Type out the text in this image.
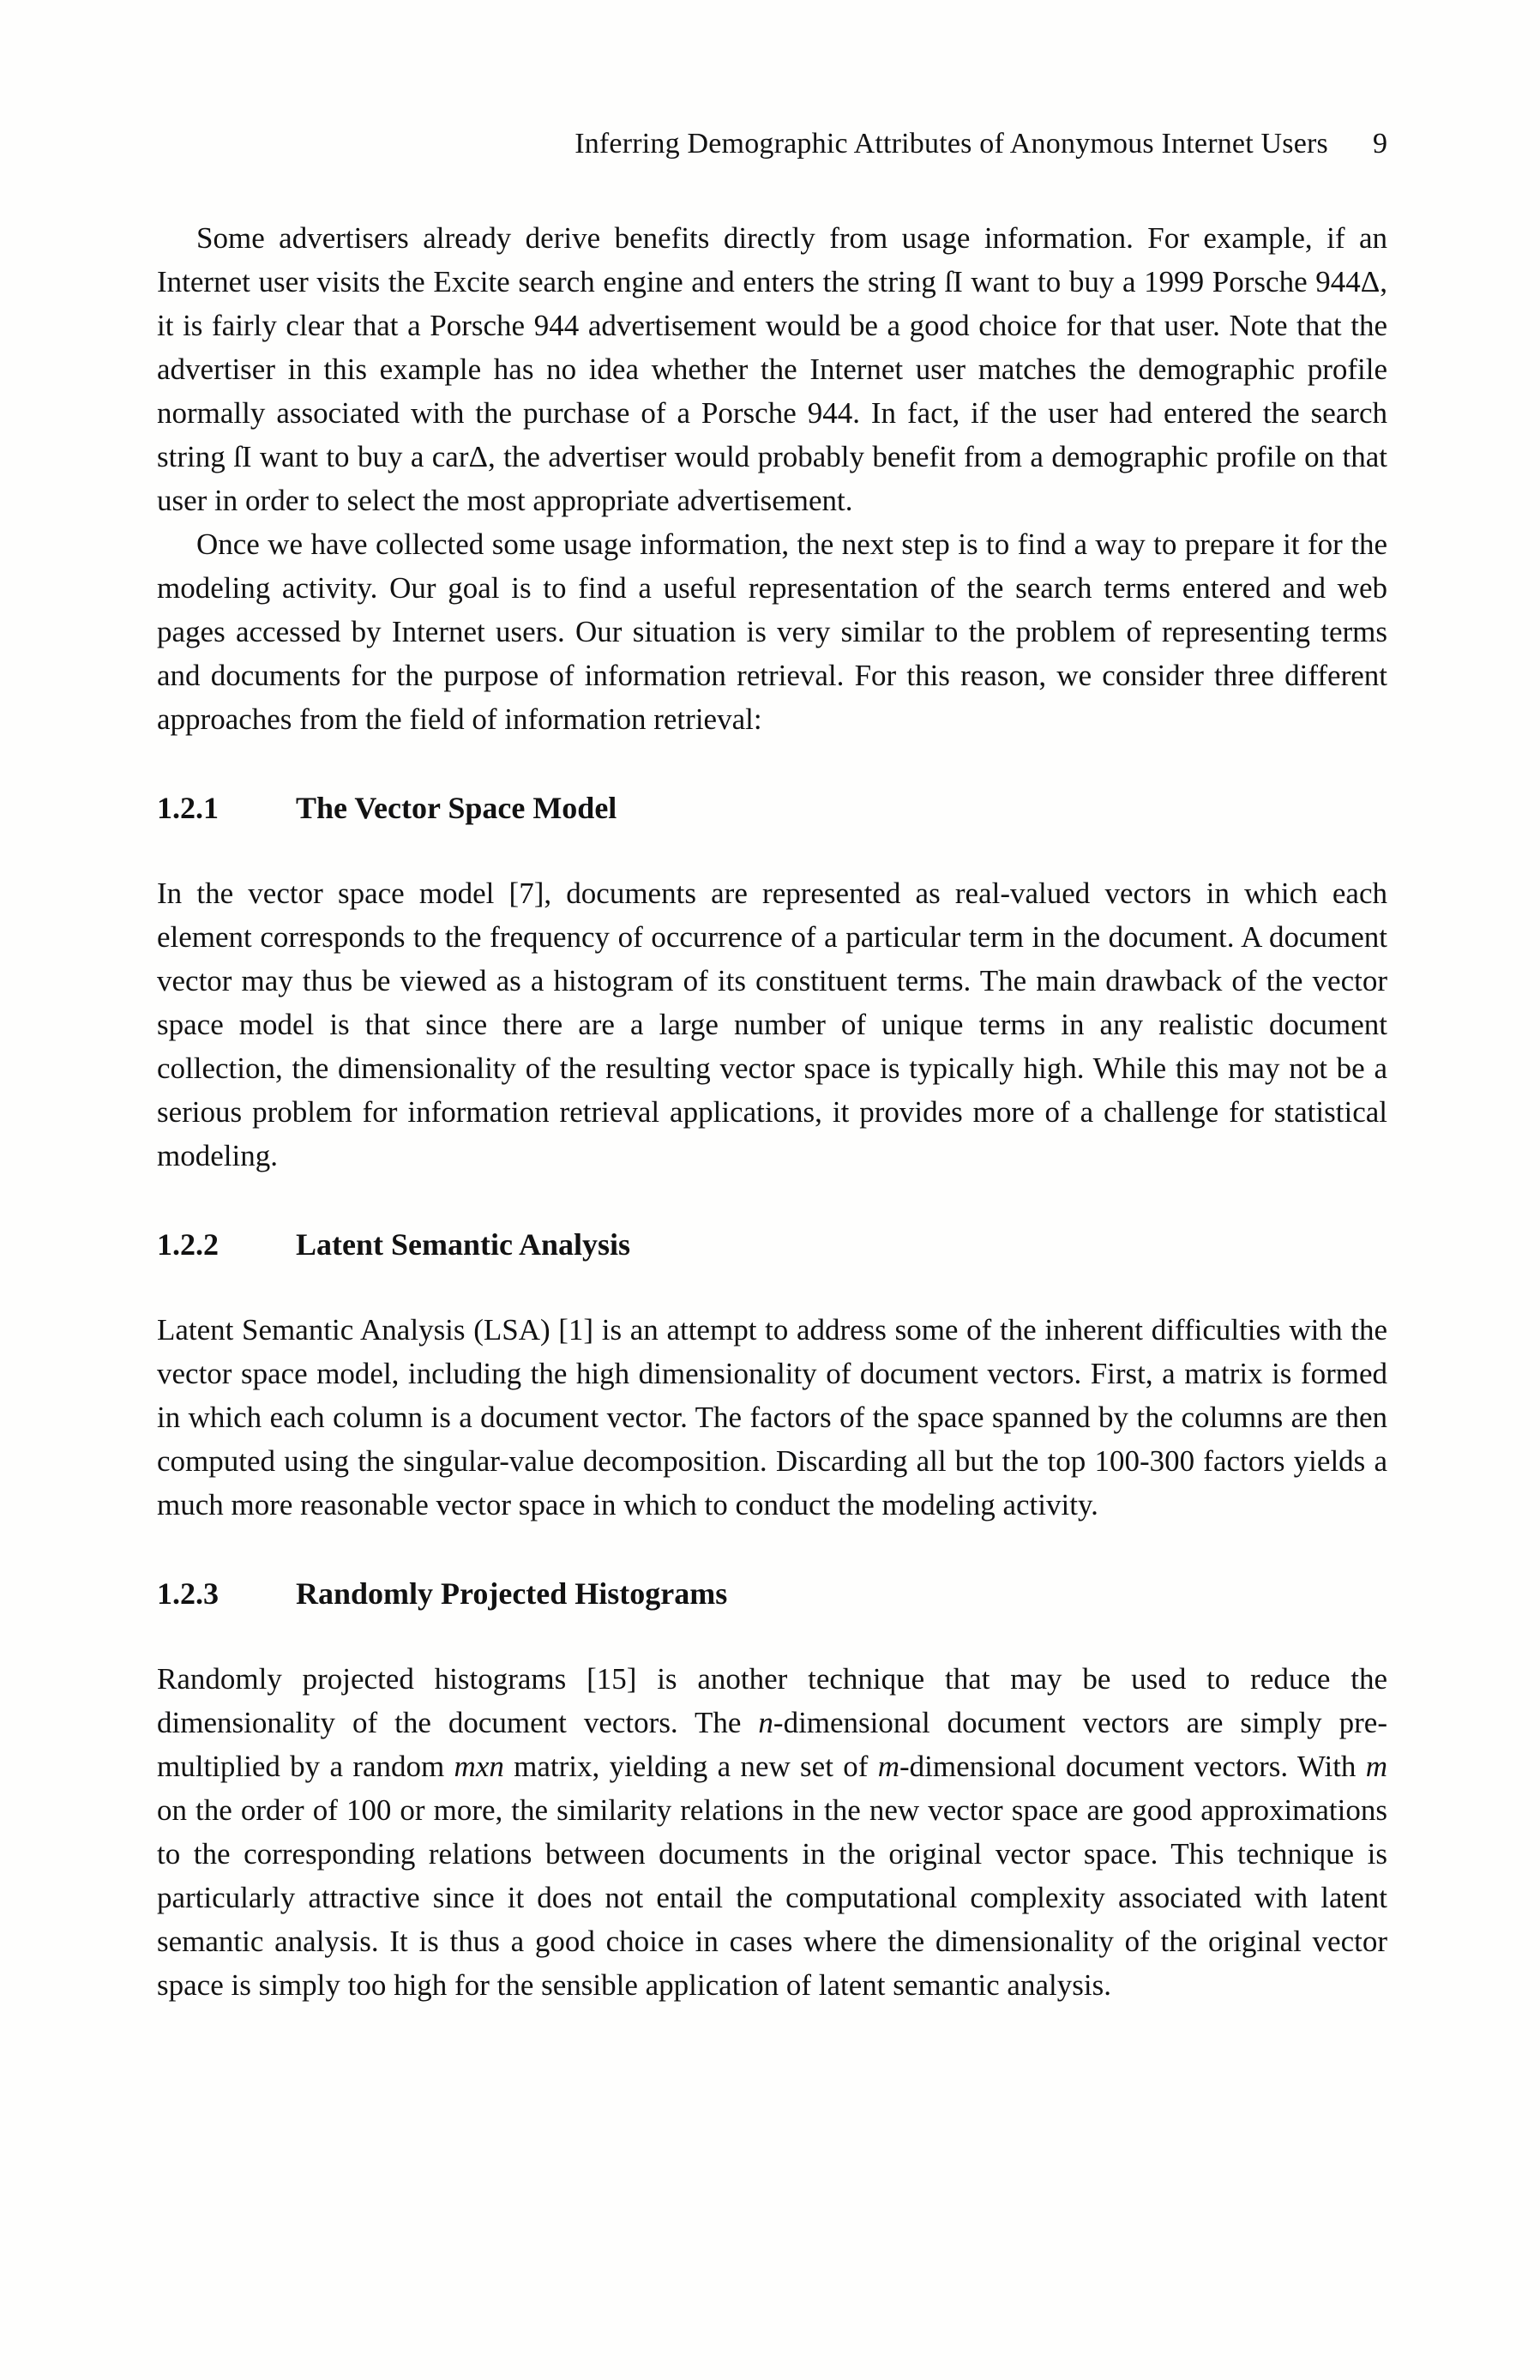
Inferring Demographic Attributes of Anonymous Internet Users 9

Some advertisers already derive benefits directly from usage information. For example, if an Internet user visits the Excite search engine and enters the string ſI want to buy a 1999 Porsche 944Δ, it is fairly clear that a Porsche 944 advertisement would be a good choice for that user. Note that the advertiser in this example has no idea whether the Internet user matches the demographic profile normally associated with the purchase of a Porsche 944. In fact, if the user had entered the search string ſI want to buy a carΔ, the advertiser would probably benefit from a demographic profile on that user in order to select the most appropriate advertisement.

Once we have collected some usage information, the next step is to find a way to prepare it for the modeling activity. Our goal is to find a useful representation of the search terms entered and web pages accessed by Internet users. Our situation is very similar to the problem of representing terms and documents for the purpose of information retrieval. For this reason, we consider three different approaches from the field of information retrieval:

1.2.1	The Vector Space Model

In the vector space model [7], documents are represented as real-valued vectors in which each element corresponds to the frequency of occurrence of a particular term in the document. A document vector may thus be viewed as a histogram of its constituent terms. The main drawback of the vector space model is that since there are a large number of unique terms in any realistic document collection, the dimensionality of the resulting vector space is typically high. While this may not be a serious problem for information retrieval applications, it provides more of a challenge for statistical modeling.

1.2.2	Latent Semantic Analysis

Latent Semantic Analysis (LSA) [1] is an attempt to address some of the inherent difficulties with the vector space model, including the high dimensionality of document vectors. First, a matrix is formed in which each column is a document vector. The factors of the space spanned by the columns are then computed using the singular-value decomposition. Discarding all but the top 100-300 factors yields a much more reasonable vector space in which to conduct the modeling activity.

1.2.3	Randomly Projected Histograms

Randomly projected histograms [15] is another technique that may be used to reduce the dimensionality of the document vectors. The n-dimensional document vectors are simply pre-multiplied by a random mxn matrix, yielding a new set of m-dimensional document vectors. With m on the order of 100 or more, the similarity relations in the new vector space are good approximations to the corresponding relations between documents in the original vector space. This technique is particularly attractive since it does not entail the computational complexity associated with latent semantic analysis. It is thus a good choice in cases where the dimensionality of the original vector space is simply too high for the sensible application of latent semantic analysis.
